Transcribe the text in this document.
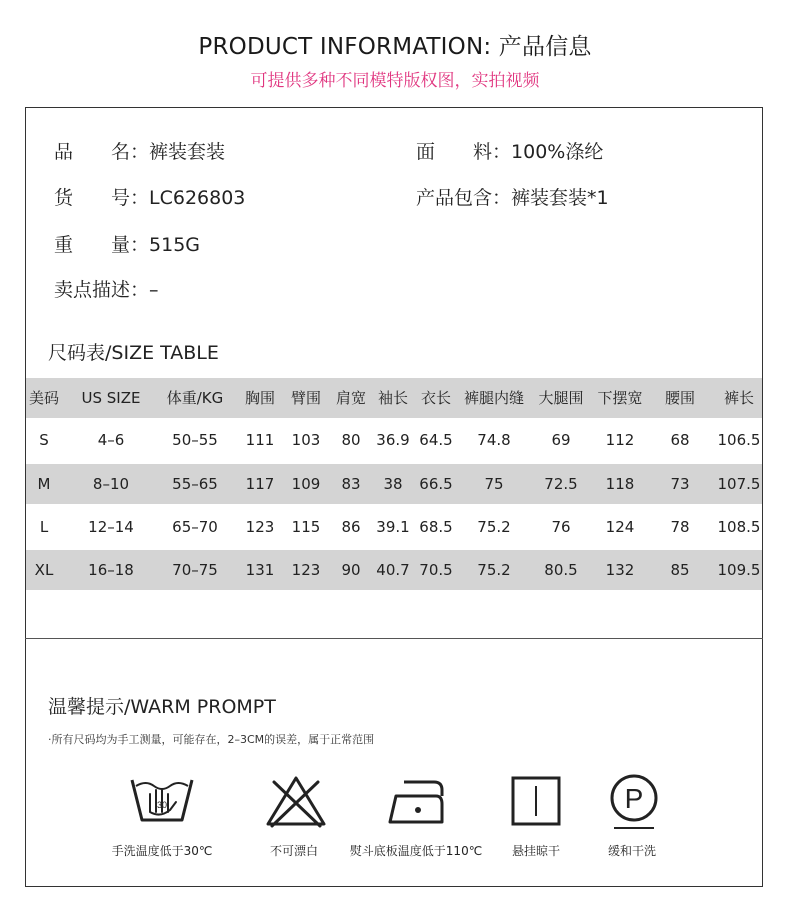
PRODUCT INFORMATION: 产品信息
可提供多种不同模特版权图，实拍视频
品　　名：裤装套装	面　　料：100%涤纶
货　　号：LC626803	产品包含：裤装套装*1
重　　量：515G
卖点描述：–
尺码表/SIZE TABLE
美码	US SIZE	体重/KG	胸围	臂围 肩宽 袖长 衣长 裤腿内缝 大腿围 下摆宽	腰围	裤长
S	4–6	50–55	111	103	80	36.9 64.5	74.8	69	112	68	106.5
M	8–10	55–65	117	109	83	38	66.5	75	72.5	118	73	107.5
L	12–14	65–70	123	115	86	39.1 68.5	75.2	76	124	78	108.5
XL	16–18	70–75	131	123	90	40.7 70.5	75.2	80.5	132	85	109.5
温馨提示/WARM PROMPT
·所有尺码均为手工测量，可能存在，2–3CM的误差，属于正常范围
30	P
手洗温度低于30℃	不可漂白	熨斗底板温度低于110℃	悬挂晾干	缓和干洗
